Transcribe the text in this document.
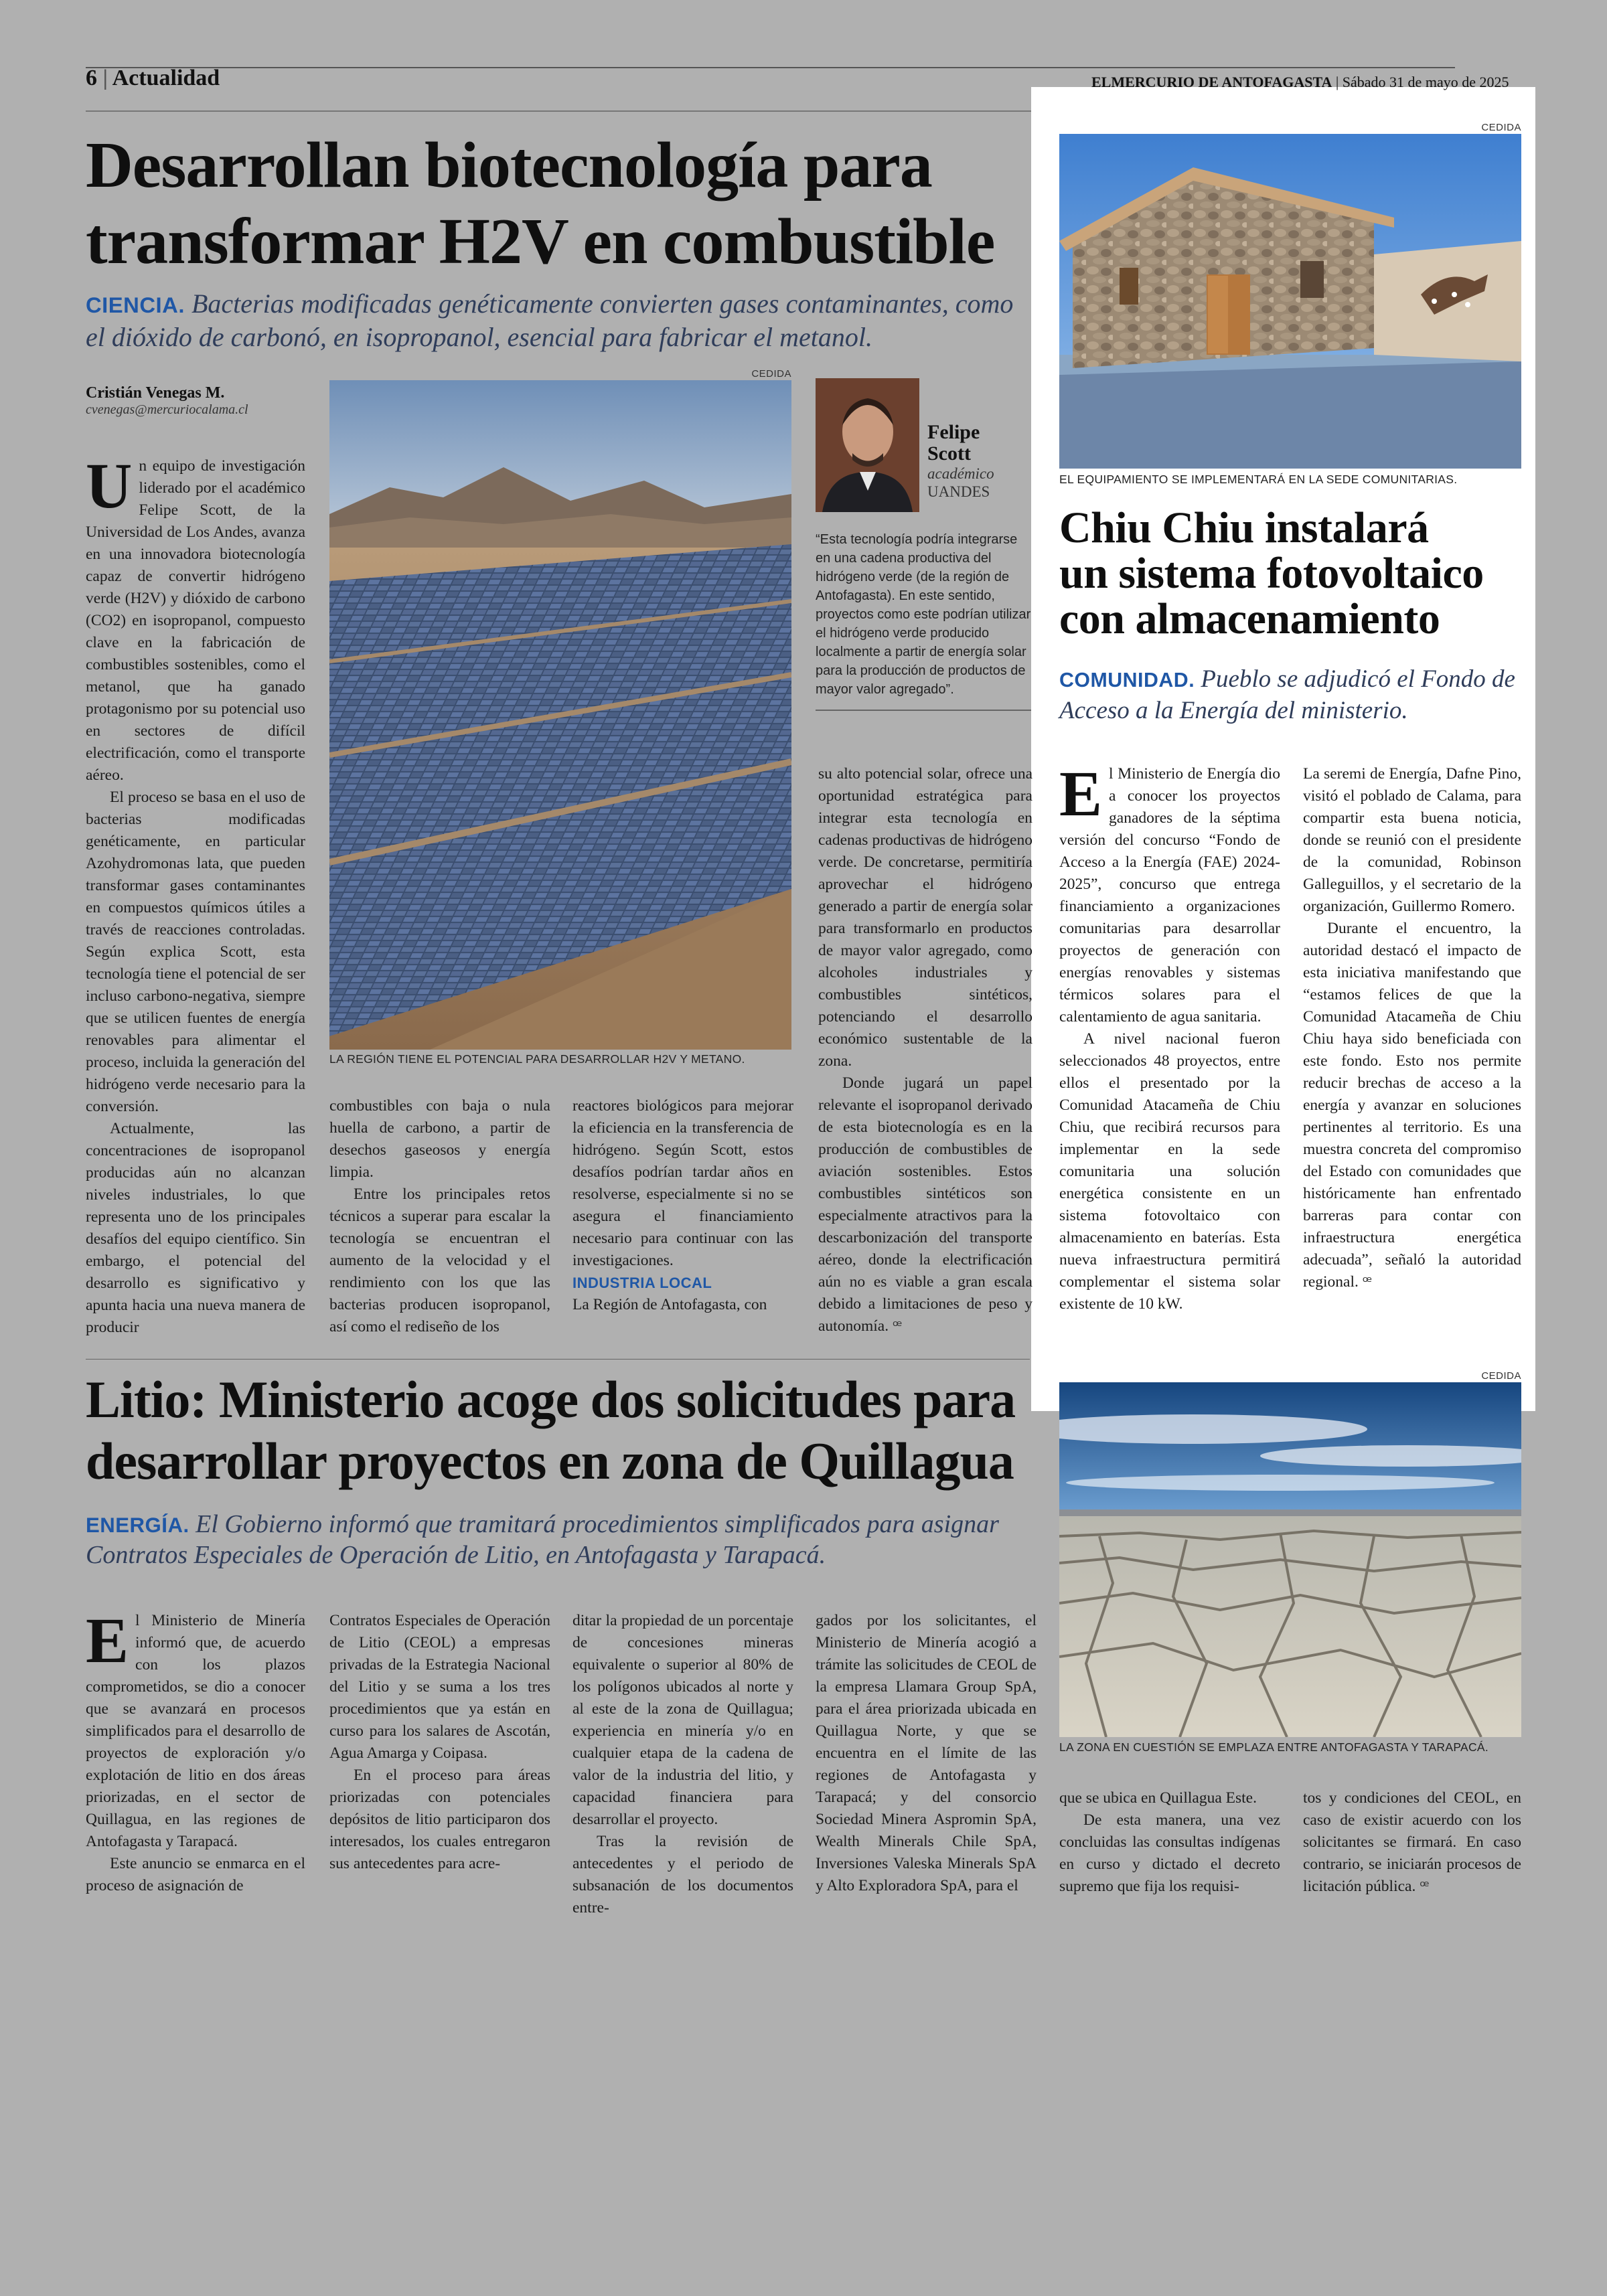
6 | Actualidad	ELMERCURIO DE ANTOFAGASTA | Sábado 31 de mayo de 2025
Desarrollan biotecnología para
transformar H2V en combustible

CIENCIA. Bacterias modificadas genéticamente convierten gases contaminantes, como el dióxido de carbonó, en isopropanol, esencial para fabricar el metanol.

Cristián Venegas M.
cvenegas@mercuriocalama.cl

Un equipo de investigación liderado por el académico Felipe Scott, de la Universidad de Los Andes, avanza en una innovadora biotecnología capaz de convertir hidrógeno verde (H2V) y dióxido de carbono (CO2) en isopropanol, compuesto clave en la fabricación de combustibles sostenibles, como el metanol, que ha ganado protagonismo por su potencial uso en sectores de difícil electrificación, como el transporte aéreo.

El proceso se basa en el uso de bacterias modificadas genéticamente, en particular Azohydromonas lata, que pueden transformar gases contaminantes en compuestos químicos útiles a través de reacciones controladas. Según explica Scott, esta tecnología tiene el potencial de ser incluso carbono-negativa, siempre que se utilicen fuentes de energía renovables para alimentar el proceso, incluida la generación del hidrógeno verde necesario para la conversión.

Actualmente, las concentraciones de isopropanol producidas aún no alcanzan niveles industriales, lo que representa uno de los principales desafíos del equipo científico. Sin embargo, el potencial del desarrollo es significativo y apunta hacia una nueva manera de producir

CEDIDA
LA REGIÓN TIENE EL POTENCIAL PARA DESARROLLAR H2V Y METANO.
Felipe
Scott
académico
UANDES

“Esta tecnología podría integrarse en una cadena productiva del hidrógeno verde (de la región de Antofagasta). En este sentido, proyectos como este podrían utilizar el hidrógeno verde producido localmente a partir de energía solar para la producción de productos de mayor valor agregado”.

combustibles con baja o nula huella de carbono, a partir de desechos gaseosos y energía limpia.

Entre los principales retos técnicos a superar para escalar la tecnología se encuentran el aumento de la velocidad y el rendimiento con los que las bacterias producen isopropanol, así como el rediseño de los

reactores biológicos para mejorar la eficiencia en la transferencia de hidrógeno. Según Scott, estos desafíos podrían tardar años en resolverse, especialmente si no se asegura el financiamiento necesario para continuar con las investigaciones.

INDUSTRIA LOCAL

La Región de Antofagasta, con

su alto potencial solar, ofrece una oportunidad estratégica para integrar esta tecnología en cadenas productivas de hidrógeno verde. De concretarse, permitiría aprovechar el hidrógeno generado a partir de energía solar para transformarlo en productos de mayor valor agregado, como alcoholes industriales y combustibles sintéticos, potenciando el desarrollo económico sustentable de la zona.

Donde jugará un papel relevante el isopropanol derivado de esta biotecnología es en la producción de combustibles de aviación sostenibles. Estos combustibles sintéticos son especialmente atractivos para la descarbonización del transporte aéreo, donde la electrificación aún no es viable a gran escala debido a limitaciones de peso y autonomía. ꟹ

CEDIDA
EL EQUIPAMIENTO SE IMPLEMENTARÁ EN LA SEDE COMUNITARIAS.
Chiu Chiu instalará
un sistema fotovoltaico
con almacenamiento

COMUNIDAD. Pueblo se adjudicó el Fondo de Acceso a la Energía del ministerio.

El Ministerio de Energía dio a conocer los proyectos ganadores de la séptima versión del concurso “Fondo de Acceso a la Energía (FAE) 2024-2025”, concurso que entrega financiamiento a organizaciones comunitarias para desarrollar proyectos de generación con energías renovables y sistemas térmicos solares para el calentamiento de agua sanitaria.

A nivel nacional fueron seleccionados 48 proyectos, entre ellos el presentado por la Comunidad Atacameña de Chiu Chiu, que recibirá recursos para implementar en la sede comunitaria una solución energética consistente en un sistema fotovoltaico con almacenamiento en baterías. Esta nueva infraestructura permitirá complementar el sistema solar existente de 10 kW.

La seremi de Energía, Dafne Pino, visitó el poblado de Calama, para compartir esta buena noticia, donde se reunió con el presidente de la comunidad, Robinson Galleguillos, y el secretario de la organización, Guillermo Romero.

Durante el encuentro, la autoridad destacó el impacto de esta iniciativa manifestando que “estamos felices de que la Comunidad Atacameña de Chiu Chiu haya sido beneficiada con este fondo. Esto nos permite reducir brechas de acceso a la energía y avanzar en soluciones pertinentes al territorio. Es una muestra concreta del compromiso del Estado con comunidades que históricamente han enfrentado barreras para contar con infraestructura energética adecuada”, señaló la autoridad regional. ꟹ

Litio: Ministerio acoge dos solicitudes para
desarrollar proyectos en zona de Quillagua

ENERGÍA. El Gobierno informó que tramitará procedimientos simplificados para asignar Contratos Especiales de Operación de Litio, en Antofagasta y Tarapacá.

CEDIDA
LA ZONA EN CUESTIÓN SE EMPLAZA ENTRE ANTOFAGASTA Y TARAPACÁ.

El Ministerio de Minería informó que, de acuerdo con los plazos comprometidos, se dio a conocer que se avanzará en procesos simplificados para el desarrollo de proyectos de exploración y/o explotación de litio en dos áreas priorizadas, en el sector de Quillagua, en las regiones de Antofagasta y Tarapacá.

Este anuncio se enmarca en el proceso de asignación de

Contratos Especiales de Operación de Litio (CEOL) a empresas privadas de la Estrategia Nacional del Litio y se suma a los tres procedimientos que ya están en curso para los salares de Ascotán, Agua Amarga y Coipasa.

En el proceso para áreas priorizadas con potenciales depósitos de litio participaron dos interesados, los cuales entregaron sus antecedentes para acre-

ditar la propiedad de un porcentaje de concesiones mineras equivalente o superior al 80% de los polígonos ubicados al norte y al este de la zona de Quillagua; experiencia en minería y/o en cualquier etapa de la cadena de valor de la industria del litio, y capacidad financiera para desarrollar el proyecto.

Tras la revisión de antecedentes y el periodo de subsanación de los documentos entre-

gados por los solicitantes, el Ministerio de Minería acogió a trámite las solicitudes de CEOL de la empresa Llamara Group SpA, para el área priorizada ubicada en Quillagua Norte, y que se encuentra en el límite de las regiones de Antofagasta y Tarapacá; y del consorcio Sociedad Minera Aspromin SpA, Wealth Minerals Chile SpA, Inversiones Valeska Minerals SpA y Alto Exploradora SpA, para el

que se ubica en Quillagua Este.

De esta manera, una vez concluidas las consultas indígenas en curso y dictado el decreto supremo que fija los requisi-

tos y condiciones del CEOL, en caso de existir acuerdo con los solicitantes se firmará. En caso contrario, se iniciarán procesos de licitación pública. ꟹ
